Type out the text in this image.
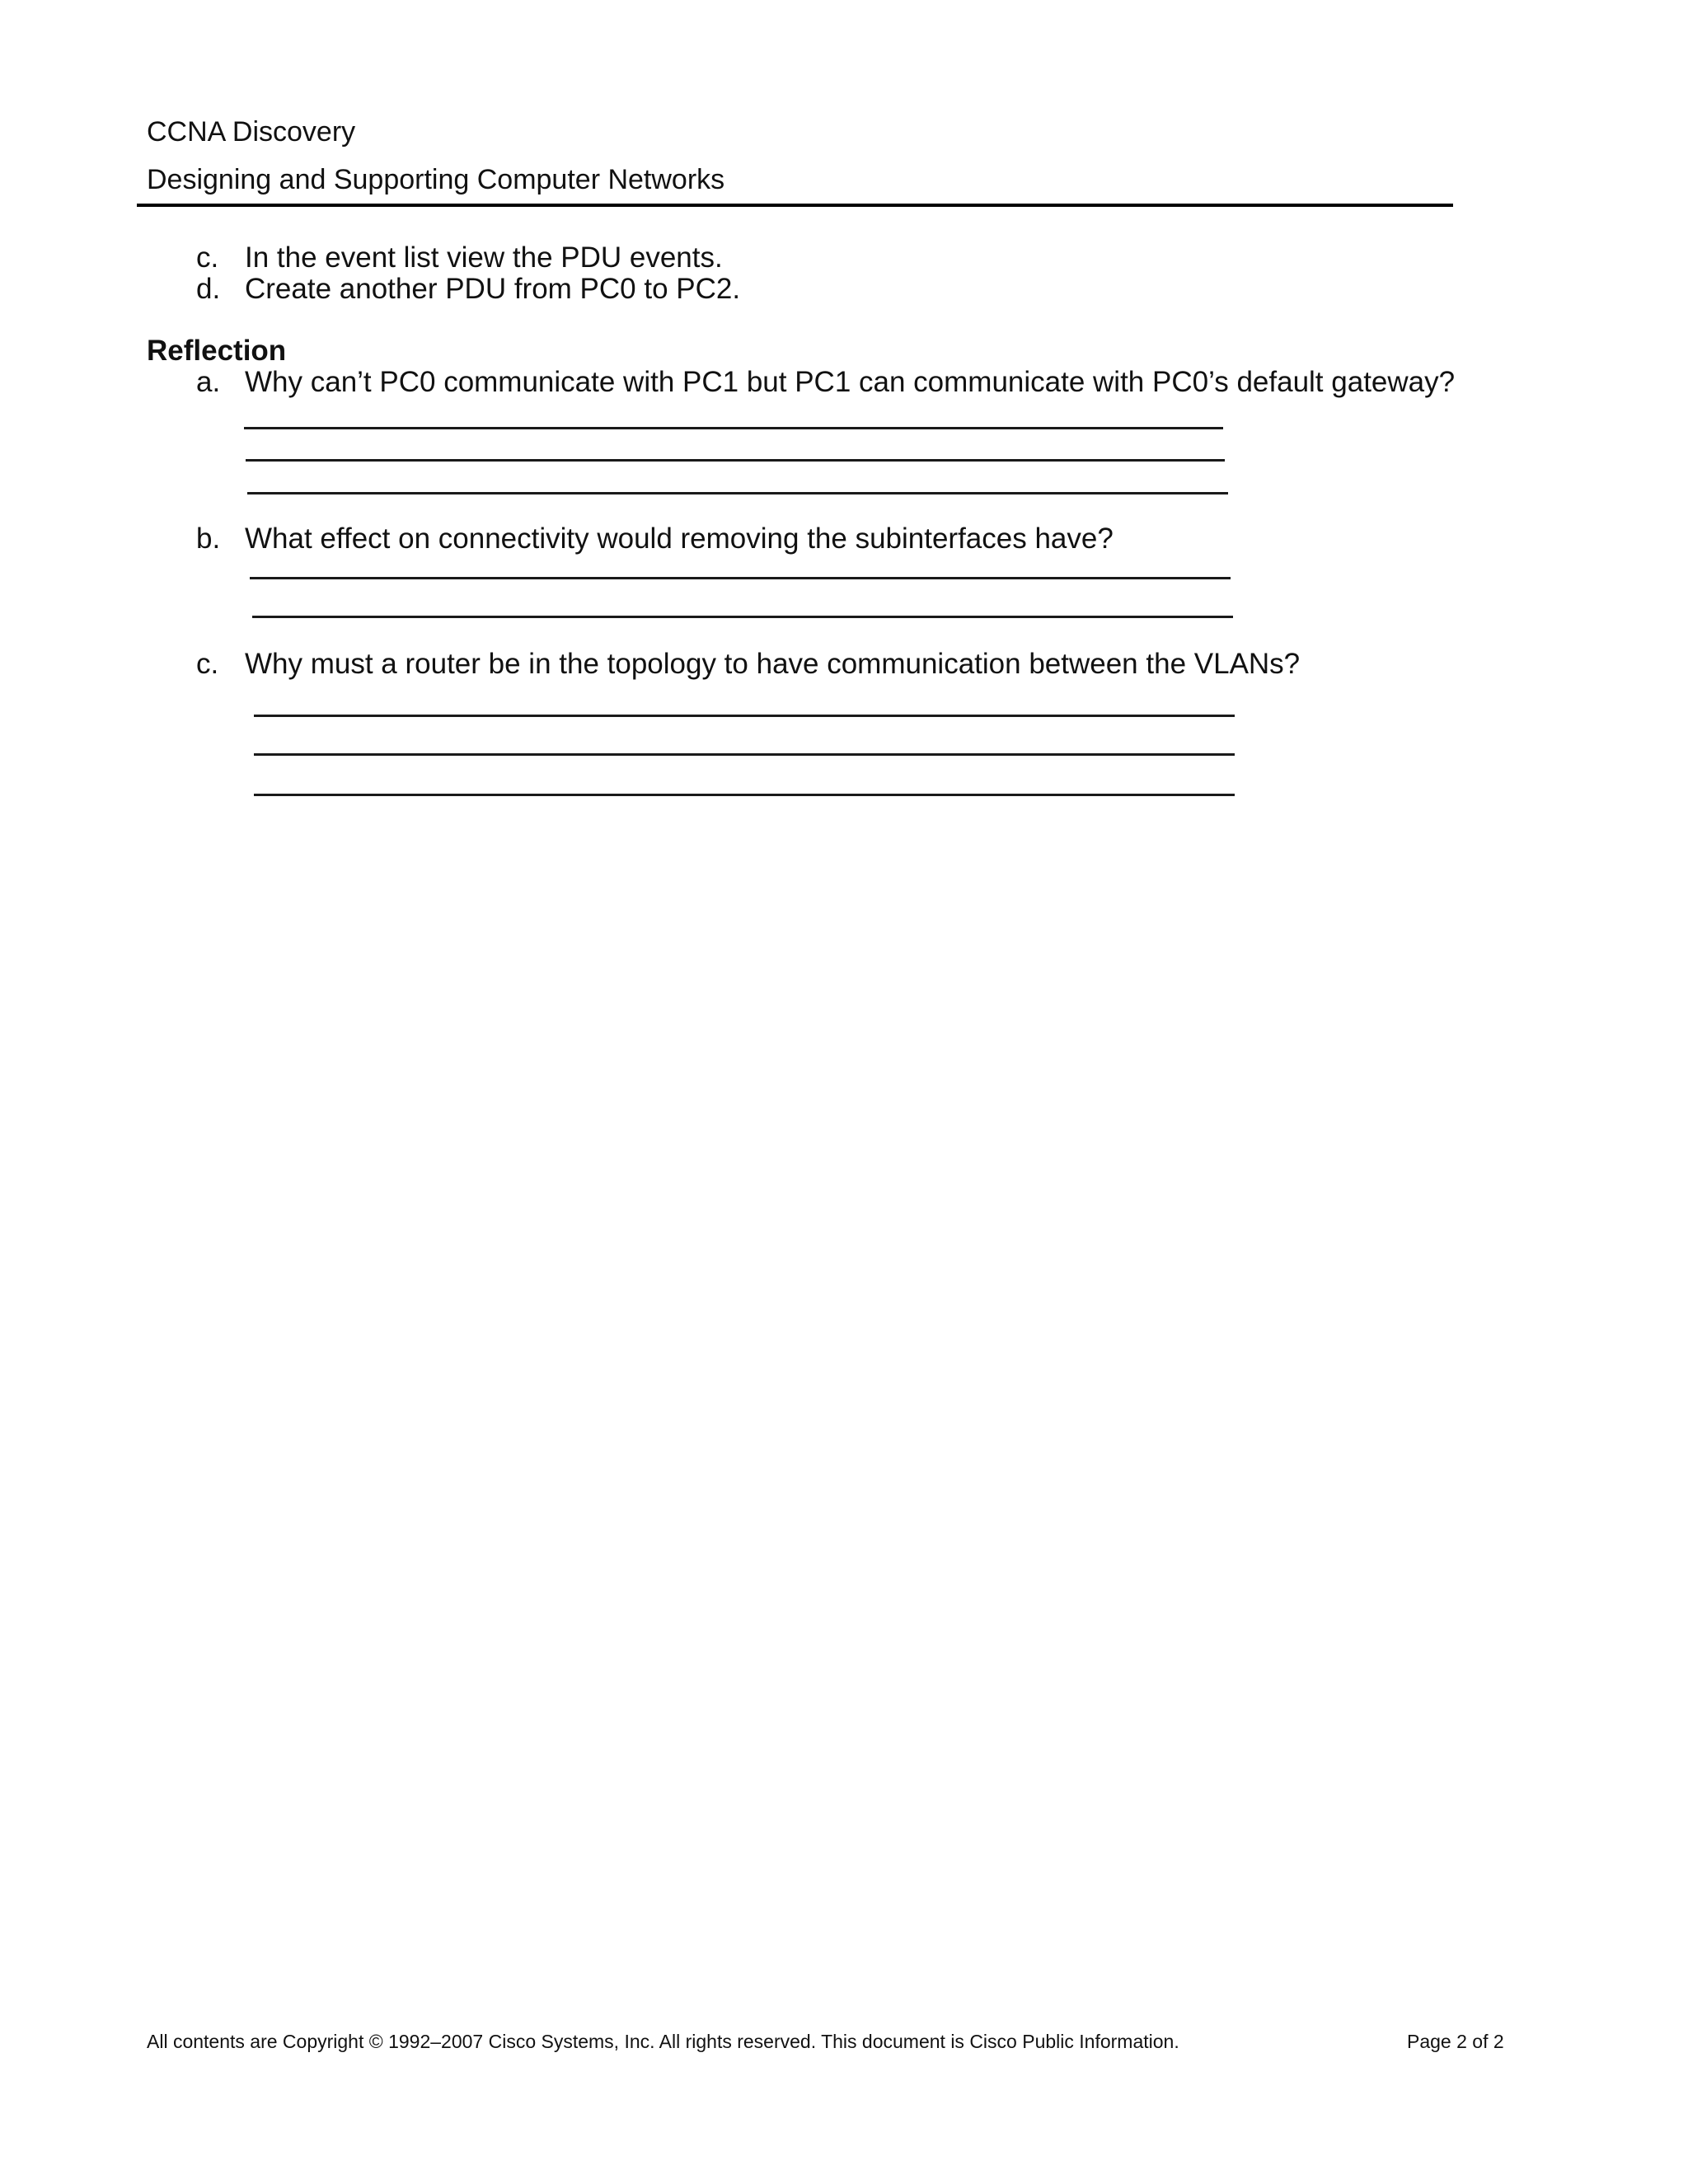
CCNA Discovery
Designing and Supporting Computer Networks
c. In the event list view the PDU events.
d. Create another PDU from PC0 to PC2.
Reflection
a. Why can’t PC0 communicate with PC1 but PC1 can communicate with PC0’s default gateway?
b. What effect on connectivity would removing the subinterfaces have?
c. Why must a router be in the topology to have communication between the VLANs?
All contents are Copyright © 1992–2007 Cisco Systems, Inc. All rights reserved. This document is Cisco Public Information.	Page 2 of 2
